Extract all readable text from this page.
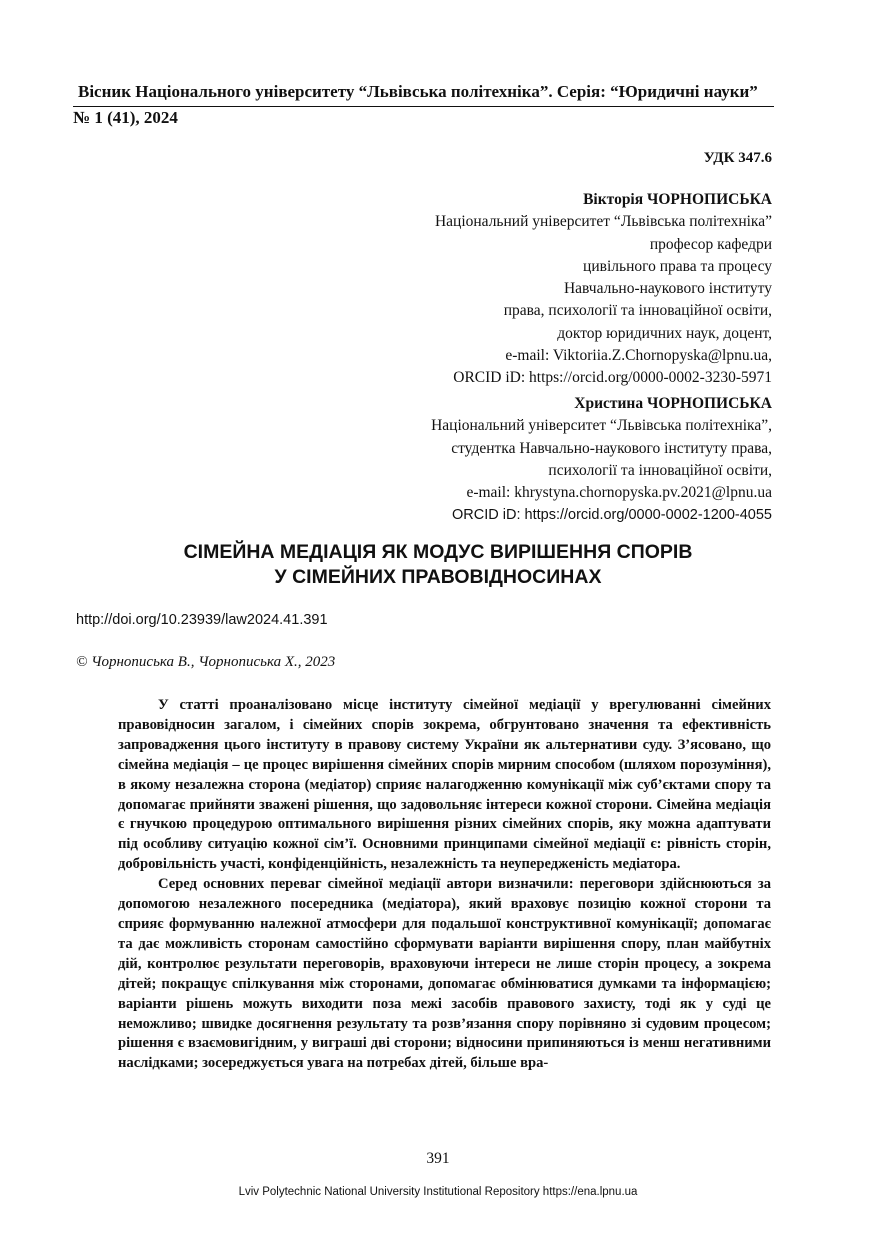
Вісник Національного університету “Львівська політехніка”. Серія: “Юридичні науки”
№ 1 (41), 2024
УДК 347.6
Вікторія ЧОРНОПИСЬКА
Національний університет “Львівська політехніка”
професор кафедри
цивільного права та процесу
Навчально-наукового інституту
права, психології та інноваційної освіти,
доктор юридичних наук, доцент,
e-mail: Viktoriia.Z.Chornopyska@lpnu.ua,
ORCID iD: https://orcid.org/0000-0002-3230-5971
Христина ЧОРНОПИСЬКА
Національний університет “Львівська політехніка”,
студентка Навчально-наукового інституту права,
психології та інноваційної освіти,
e-mail: khrystyna.chornopyska.pv.2021@lpnu.ua
ORCID iD: https://orcid.org/0000-0002-1200-4055
СІМЕЙНА МЕДІАЦІЯ ЯК МОДУС ВИРІШЕННЯ СПОРІВ
У СІМЕЙНИХ ПРАВОВІДНОСИНАХ
http://doi.org/10.23939/law2024.41.391
© Чорнописька В., Чорнописька Х., 2023

У статті проаналізовано місце інституту сімейної медіації у врегулюванні сімейних правовідносин загалом, і сімейних спорів зокрема, обгрунтовано значення та ефективність запровадження цього інституту в правову систему України як альтернативи суду. З’ясовано, що сімейна медіація – це процес вирішення сімейних спорів мирним способом (шляхом порозуміння), в якому незалежна сторона (медіатор) сприяє налагодженню комунікації між суб’єктами спору та допомагає прийняти зважені рішення, що задовольняє інтереси кожної сторони. Сімейна медіація є гнучкою процедурою оптимального вирішення різних сімейних спорів, яку можна адаптувати під особливу ситуацію кожної сім’ї. Основними принципами сімейної медіації є: рівність сторін, добровільність участі, конфіденційність, незалежність та неупередженість медіатора.

Серед основних переваг сімейної медіації автори визначили: переговори здійснюються за допомогою незалежного посередника (медіатора), який враховує позицію кожної сторони та сприяє формуванню належної атмосфери для подальшої конструктивної комунікації; допомагає та дає можливість сторонам самостійно сформувати варіанти вирішення спору, план майбутніх дій, контролює результати переговорів, враховуючи інтереси не лише сторін процесу, а зокрема дітей; покращує спілкування між сторонами, допомагає обмінюватися думками та інформацією; варіанти рішень можуть виходити поза межі засобів правового захисту, тоді як у суді це неможливо; швидке досягнення результату та розв’язання спору порівняно зі судовим процесом; рішення є взаємовигідним, у виграші дві сторони; відносини припиняються із менш негативними наслідками; зосереджується увага на потребах дітей, більше вра-

391
Lviv Polytechnic National University Institutional Repository https://ena.lpnu.ua
